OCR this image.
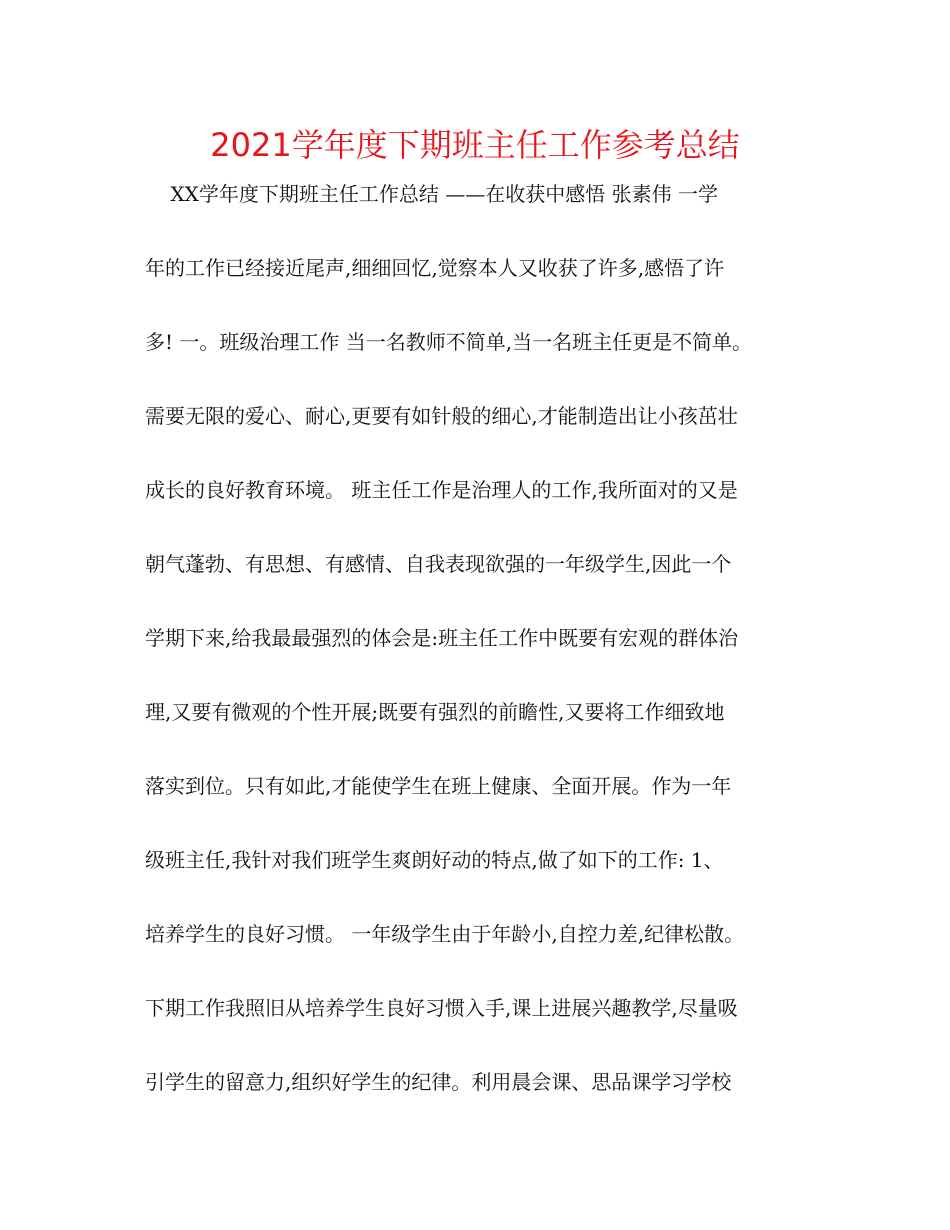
2021学年度下期班主任工作参考总结
XX学年度下期班主任工作总结 ——在收获中感悟 张素伟 一学
年的工作已经接近尾声,细细回忆,觉察本人又收获了许多,感悟了许
多! 一。班级治理工作 当一名教师不简单,当一名班主任更是不简单。
需要无限的爱心、耐心,更要有如针般的细心,才能制造出让小孩茁壮
成长的良好教育环境。 班主任工作是治理人的工作,我所面对的又是
朝气蓬勃、有思想、有感情、自我表现欲强的一年级学生,因此一个
学期下来,给我最最强烈的体会是:班主任工作中既要有宏观的群体治
理,又要有微观的个性开展;既要有强烈的前瞻性,又要将工作细致地
落实到位。只有如此,才能使学生在班上健康、全面开展。作为一年
级班主任,我针对我们班学生爽朗好动的特点,做了如下的工作: 1、
培养学生的良好习惯。 一年级学生由于年龄小,自控力差,纪律松散。
下期工作我照旧从培养学生良好习惯入手,课上进展兴趣教学,尽量吸
引学生的留意力,组织好学生的纪律。利用晨会课、思品课学习学校
